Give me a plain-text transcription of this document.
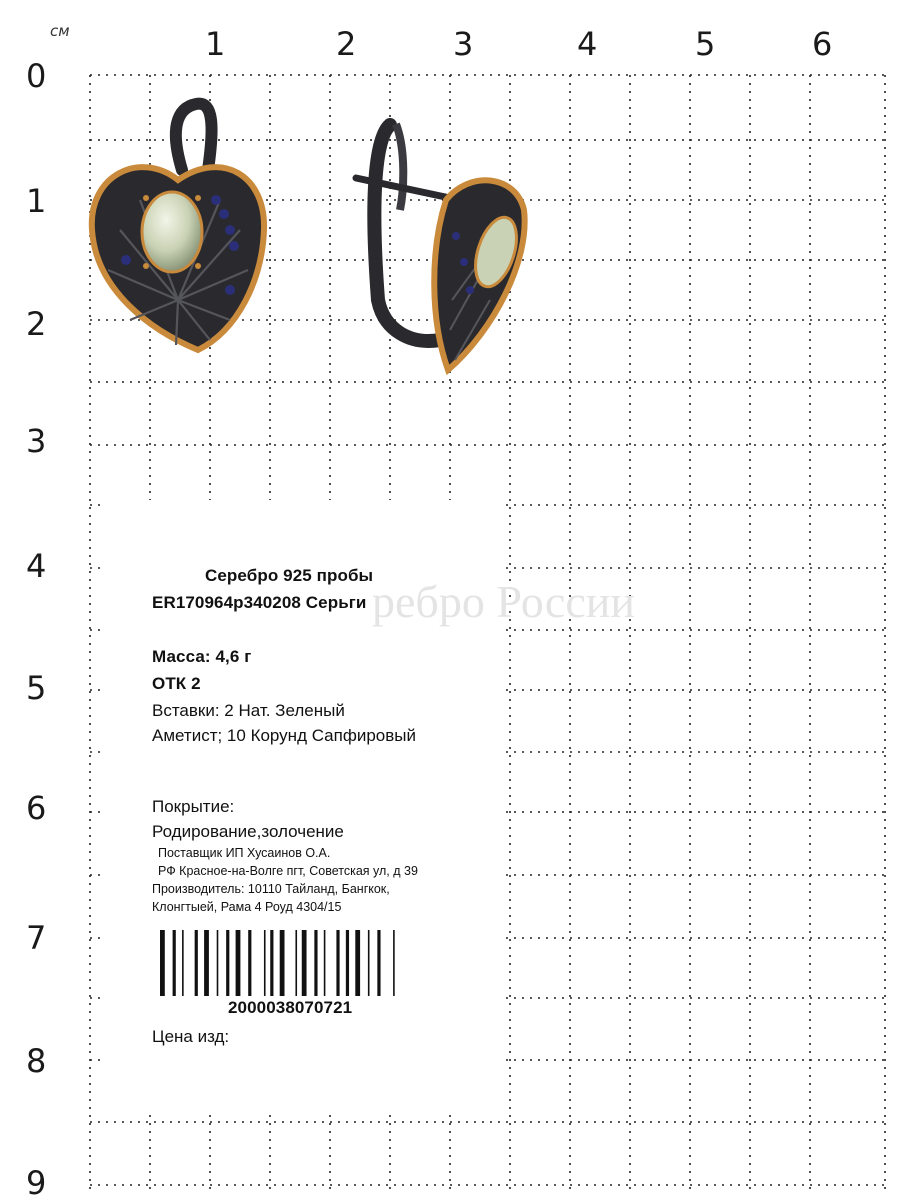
см	1	2	3	4	5	6
0
1
2
3
4
5
6
7
8
9
ребро России
Серебро 925 пробы
ER170964р340208 Серьги
Масса: 4,6 г
ОТК 2
Вставки: 2 Нат. Зеленый
Аметист; 10 Корунд Сапфировый
Покрытие:
Родирование,золочение
Поставщик ИП Хусаинов О.А.
РФ Красное-на-Волге пгт, Советская ул, д 39
Производитель: 10110 Тайланд, Бангкок,
Клонгтыей, Рама 4 Роуд 4304/15
2000038070721
Цена изд:
